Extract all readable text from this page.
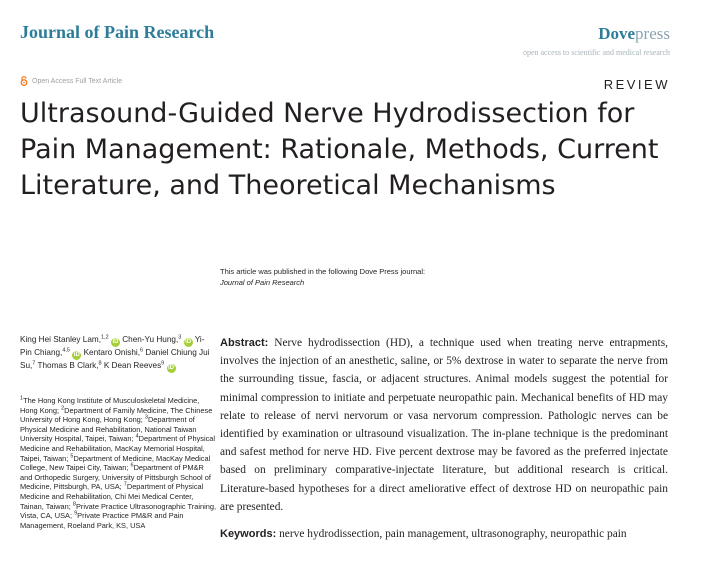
Journal of Pain Research	Dovepress
open access to scientific and medical research
Open Access Full Text Article	REVIEW
Ultrasound-Guided Nerve Hydrodissection for Pain Management: Rationale, Methods, Current Literature, and Theoretical Mechanisms
This article was published in the following Dove Press journal:
Journal of Pain Research
King Hei Stanley Lam,$^{1,2}$ iD Chen-Yu Hung,$^3$ iD Yi-Pin Chiang,$^{4,5}$ iD Kentaro Onishi,$^6$ Daniel Chiung Jui Su,$^7$ Thomas B Clark,$^8$ K Dean Reeves$^9$ iD
$^1$The Hong Kong Institute of Musculoskeletal Medicine, Hong Kong; $^2$Department of Family Medicine, The Chinese University of Hong Kong, Hong Kong; $^3$Department of Physical Medicine and Rehabilitation, National Taiwan University Hospital, Taipei, Taiwan; $^4$Department of Physical Medicine and Rehabilitation, MacKay Memorial Hospital, Taipei, Taiwan; $^5$Department of Medicine, MacKay Medical College, New Taipei City, Taiwan; $^6$Department of PM&R and Orthopedic Surgery, University of Pittsburgh School of Medicine, Pittsburgh, PA, USA; $^7$Department of Physical Medicine and Rehabilitation, Chi Mei Medical Center, Tainan, Taiwan; $^8$Private Practice Ultrasonographic Training, Vista, CA, USA; $^9$Private Practice PM&R and Pain Management, Roeland Park, KS, USA
Abstract: Nerve hydrodissection (HD), a technique used when treating nerve entrapments, involves the injection of an anesthetic, saline, or 5% dextrose in water to separate the nerve from the surrounding tissue, fascia, or adjacent structures. Animal models suggest the potential for minimal compression to initiate and perpetuate neuropathic pain. Mechanical benefits of HD may relate to release of nervi nervorum or vasa nervorum compression. Pathologic nerves can be identified by examination or ultrasound visualization. The in-plane technique is the predominant and safest method for nerve HD. Five percent dextrose may be favored as the preferred injectate based on preliminary comparative-injectate literature, but additional research is critical. Literature-based hypotheses for a direct ameliorative effect of dextrose HD on neuropathic pain are presented.
Keywords: nerve hydrodissection, pain management, ultrasonography, neuropathic pain
